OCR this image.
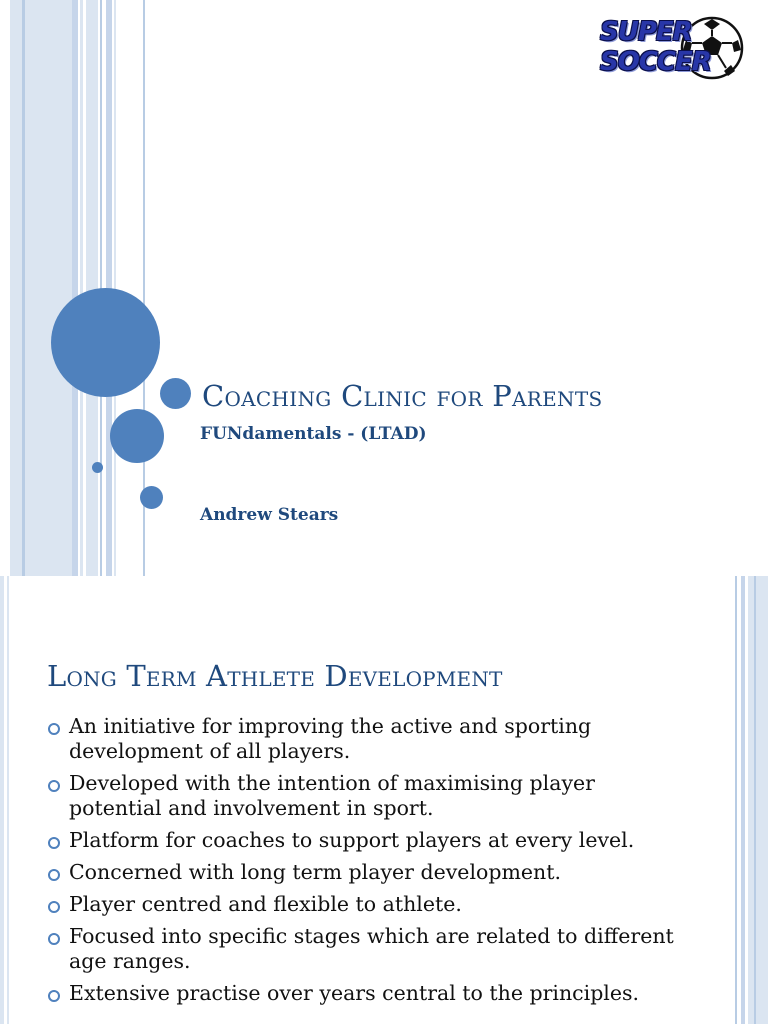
SUPER
SOCCER
Coaching Clinic for Parents
FUNdamentals - (LTAD)
Andrew Stears
Long Term Athlete Development
An initiative for improving the active and sporting development of all players.
Developed with the intention of maximising player potential and involvement in sport.
Platform for coaches to support players at every level.
Concerned with long term player development.
Player centred and flexible to athlete.
Focused into specific stages which are related to different age ranges.
Extensive practise over years central to the principles.
